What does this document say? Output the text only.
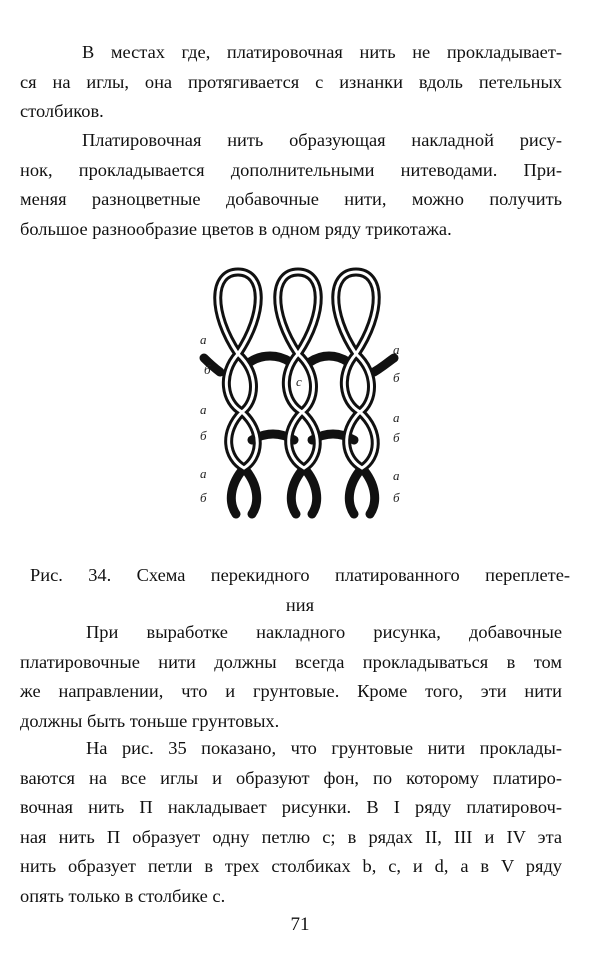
В местах где, платировочная нить не прокладывает-
ся на иглы, она протягивается с изнанки вдоль петельных
столбиков.
Платировочная нить образующая накладной рису-
нок, прокладывается дополнительными нитеводами. При-
меняя разноцветные добавочные нити, можно получить
большое разнообразие цветов в одном ряду трикотажа.
а
б
а
б
а
б
а
б
а
б
а
б
с
Рис. 34. Схема перекидного платированного переплете-
ния
При выработке накладного рисунка, добавочные
платировочные нити должны всегда прокладываться в том
же направлении, что и грунтовые. Кроме того, эти нити
должны быть тоньше грунтовых.
На рис. 35 показано, что грунтовые нити проклады-
ваются на все иглы и образуют фон, по которому платиро-
вочная нить П накладывает рисунки. В I ряду платировоч-
ная нить П образует одну петлю c; в рядах II, III и IV эта
нить образует петли в трех столбиках b, c, и d, а в V ряду
опять только в столбике c.
71
